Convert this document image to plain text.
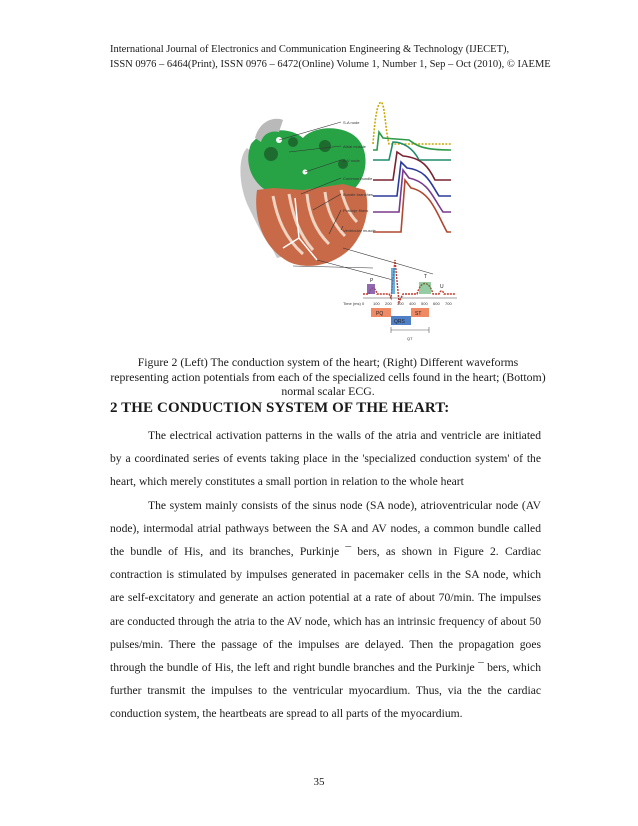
International Journal of Electronics and Communication Engineering & Technology (IJECET),
ISSN 0976 – 6464(Print), ISSN 0976 – 6472(Online) Volume 1, Number 1, Sep – Oct (2010), © IAEME
S-A node
Atrial muscle
A-V node
Common bundle
Bundle branches
Purkinje fibers
Ventricular muscle
P
T
U
Time (ms) 0 100 200 300 400 500 600 700
PQ
QRS
ST
QT
Figure 2 (Left) The conduction system of the heart; (Right) Different waveforms representing action potentials from each of the specialized cells found in the heart; (Bottom) normal scalar ECG.
2 THE CONDUCTION SYSTEM OF THE HEART:

The electrical activation patterns in the walls of the atria and ventricle are initiated by a coordinated series of events taking place in the 'specialized conduction system' of the heart, which merely constitutes a small portion in relation to the whole heart

The system mainly consists of the sinus node (SA node), atrioventricular node (AV node), intermodal atrial pathways between the SA and AV nodes, a common bundle called the bundle of His, and its branches, Purkinje ¯ bers, as shown in Figure 2. Cardiac contraction is stimulated by impulses generated in pacemaker cells in the SA node, which are self-excitatory and generate an action potential at a rate of about 70/min. The impulses are conducted through the atria to the AV node, which has an intrinsic frequency of about 50 pulses/min. There the passage of the impulses are delayed. Then the propagation goes through the bundle of His, the left and right bundle branches and the Purkinje ¯ bers, which further transmit the impulses to the ventricular myocardium. Thus, via the the cardiac conduction system, the heartbeats are spread to all parts of the myocardium.

35
